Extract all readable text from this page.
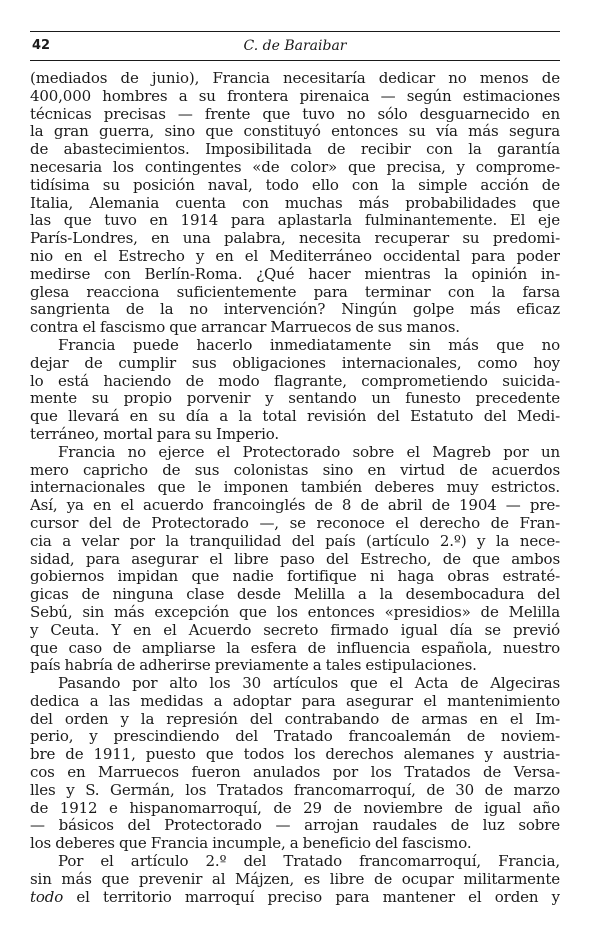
42	C. de Baraibar
(mediados de junio), Francia necesitaría dedicar no menos de
400,000 hombres a su frontera pirenaica — según estimaciones
técnicas precisas — frente que tuvo no sólo desguarnecido en
la gran guerra, sino que constituyó entonces su vía más segura
de abastecimientos. Imposibilitada de recibir con la garantía
necesaria los contingentes «de color» que precisa, y comprome-
tidísima su posición naval, todo ello con la simple acción de
Italia, Alemania cuenta con muchas más probabilidades que
las que tuvo en 1914 para aplastarla fulminantemente. El eje
París-Londres, en una palabra, necesita recuperar su predomi-
nio en el Estrecho y en el Mediterráneo occidental para poder
medirse con Berlín-Roma. ¿Qué hacer mientras la opinión in-
glesa reacciona suficientemente para terminar con la farsa
sangrienta de la no intervención? Ningún golpe más eficaz
contra el fascismo que arrancar Marruecos de sus manos.
Francia puede hacerlo inmediatamente sin más que no
dejar de cumplir sus obligaciones internacionales, como hoy
lo está haciendo de modo flagrante, comprometiendo suicida-
mente su propio porvenir y sentando un funesto precedente
que llevará en su día a la total revisión del Estatuto del Medi-
terráneo, mortal para su Imperio.
Francia no ejerce el Protectorado sobre el Magreb por un
mero capricho de sus colonistas sino en virtud de acuerdos
internacionales que le imponen también deberes muy estrictos.
Así, ya en el acuerdo francoinglés de 8 de abril de 1904 — pre-
cursor del de Protectorado —, se reconoce el derecho de Fran-
cia a velar por la tranquilidad del país (artículo 2.º) y la nece-
sidad, para asegurar el libre paso del Estrecho, de que ambos
gobiernos impidan que nadie fortifique ni haga obras estraté-
gicas de ninguna clase desde Melilla a la desembocadura del
Sebú, sin más excepción que los entonces «presidios» de Melilla
y Ceuta. Y en el Acuerdo secreto firmado igual día se previó
que caso de ampliarse la esfera de influencia española, nuestro
país habría de adherirse previamente a tales estipulaciones.
Pasando por alto los 30 artículos que el Acta de Algeciras
dedica a las medidas a adoptar para asegurar el mantenimiento
del orden y la represión del contrabando de armas en el Im-
perio, y prescindiendo del Tratado francoalemán de noviem-
bre de 1911, puesto que todos los derechos alemanes y austria-
cos en Marruecos fueron anulados por los Tratados de Versa-
lles y S. Germán, los Tratados francomarroquí, de 30 de marzo
de 1912 e hispanomarroquí, de 29 de noviembre de igual año
— básicos del Protectorado — arrojan raudales de luz sobre
los deberes que Francia incumple, a beneficio del fascismo.
Por el artículo 2.º del Tratado francomarroquí, Francia,
sin más que prevenir al Májzen, es libre de ocupar militarmente
todo el territorio marroquí preciso para mantener el orden y
